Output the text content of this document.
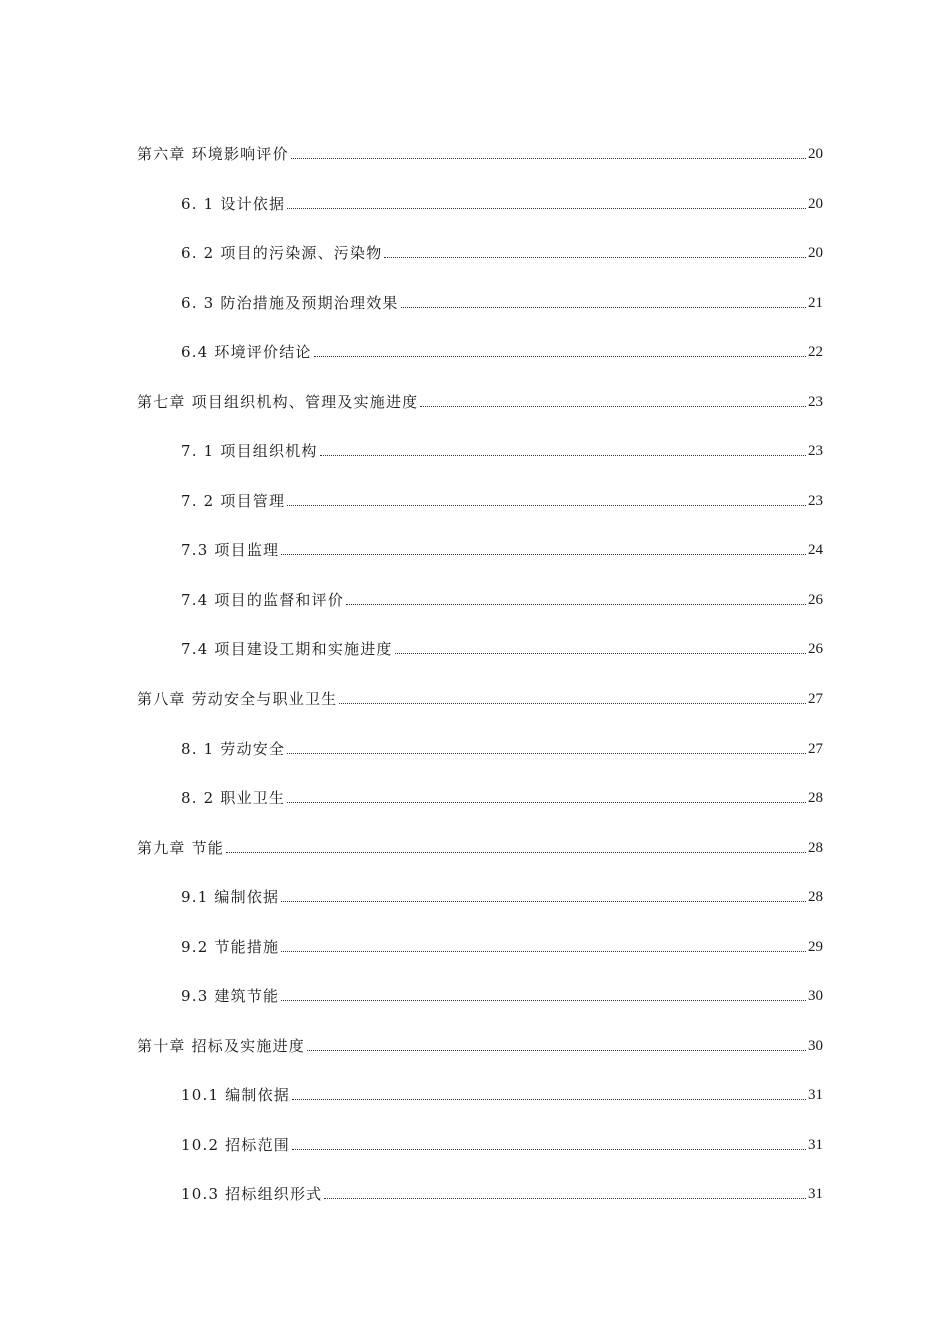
第六章 环境影响评价	20
6. 1 设计依据	20
6. 2 项目的污染源、污染物	20
6. 3 防治措施及预期治理效果	21
6.4 环境评价结论	22
第七章 项目组织机构、管理及实施进度	23
7. 1 项目组织机构	23
7. 2 项目管理	23
7.3 项目监理	24
7.4 项目的监督和评价	26
7.4 项目建设工期和实施进度	26
第八章 劳动安全与职业卫生	27
8. 1 劳动安全	27
8. 2 职业卫生	28
第九章 节能	28
9.1 编制依据	28
9.2 节能措施	29
9.3 建筑节能	30
第十章 招标及实施进度	30
10.1 编制依据	31
10.2 招标范围	31
10.3 招标组织形式	31
